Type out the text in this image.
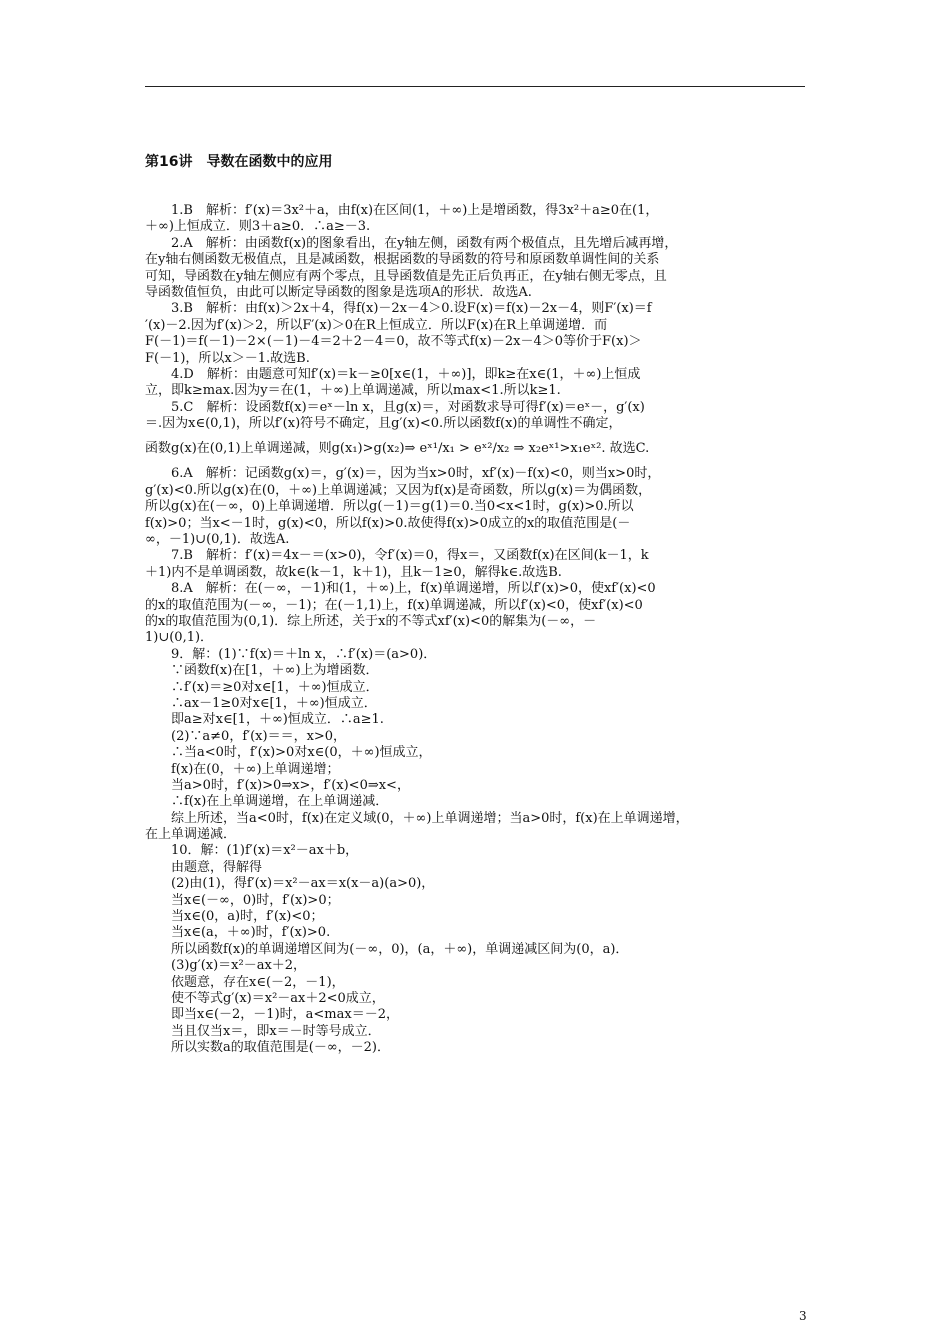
第16讲　导数在函数中的应用
　　1.B　解析：f′(x)＝3x²＋a，由f(x)在区间(1，＋∞)上是增函数，得3x²＋a≥0在(1，
＋∞)上恒成立．则3＋a≥0．∴a≥－3.
　　2.A　解析：由函数f(x)的图象看出，在y轴左侧，函数有两个极值点，且先增后减再增，
在y轴右侧函数无极值点，且是减函数，根据函数的导函数的符号和原函数单调性间的关系
可知，导函数在y轴左侧应有两个零点，且导函数值是先正后负再正，在y轴右侧无零点，且
导函数值恒负，由此可以断定导函数的图象是选项A的形状．故选A.
　　3.B　解析：由f(x)＞2x＋4，得f(x)－2x－4＞0.设F(x)＝f(x)－2x－4，则F′(x)＝f
′(x)－2.因为f′(x)＞2，所以F′(x)＞0在R上恒成立．所以F(x)在R上单调递增．而
F(－1)＝f(－1)－2×(－1)－4＝2＋2－4＝0，故不等式f(x)－2x－4＞0等价于F(x)＞
F(－1)，所以x＞－1.故选B.
　　4.D　解析：由题意可知f′(x)＝k－≥0[x∈(1，＋∞)]，即k≥在x∈(1，＋∞)上恒成
立，即k≥max.因为y＝在(1，＋∞)上单调递减，所以max<1.所以k≥1.
　　5.C　解析：设函数f(x)＝eˣ－ln x，且g(x)＝，对函数求导可得f′(x)＝eˣ－，g′(x)
＝.因为x∈(0,1)，所以f′(x)符号不确定，且g′(x)<0.所以函数f(x)的单调性不确定，
函数g(x)在(0,1)上单调递减，则g(x₁)>g(x₂)⇒ eˣ¹/x₁ > eˣ²/x₂ ⇒ x₂eˣ¹>x₁eˣ². 故选C.
　　6.A　解析：记函数g(x)＝，g′(x)＝，因为当x>0时，xf′(x)－f(x)<0，则当x>0时，
g′(x)<0.所以g(x)在(0，＋∞)上单调递减；又因为f(x)是奇函数，所以g(x)＝为偶函数，
所以g(x)在(－∞，0)上单调递增．所以g(－1)＝g(1)＝0.当0<x<1时，g(x)>0.所以
f(x)>0；当x<－1时，g(x)<0，所以f(x)>0.故使得f(x)>0成立的x的取值范围是(－
∞，－1)∪(0,1)．故选A.
　　7.B　解析：f′(x)＝4x－＝(x>0)，令f′(x)＝0，得x＝，又函数f(x)在区间(k－1，k
＋1)内不是单调函数，故k∈(k－1，k＋1)，且k－1≥0，解得k∈.故选B.
　　8.A　解析：在(－∞，－1)和(1，＋∞)上，f(x)单调递增，所以f′(x)>0，使xf′(x)<0
的x的取值范围为(－∞，－1)；在(－1,1)上，f(x)单调递减，所以f′(x)<0，使xf′(x)<0
的x的取值范围为(0,1)．综上所述，关于x的不等式xf′(x)<0的解集为(－∞，－
1)∪(0,1)．
　　9．解：(1)∵f(x)＝＋ln x，∴f′(x)＝(a>0)．
　　∵函数f(x)在[1，＋∞)上为增函数．
　　∴f′(x)＝≥0对x∈[1，＋∞)恒成立．
　　∴ax－1≥0对x∈[1，＋∞)恒成立．
　　即a≥对x∈[1，＋∞)恒成立．∴a≥1.
　　(2)∵a≠0，f′(x)＝＝，x>0，
　　∴当a<0时，f′(x)>0对x∈(0，＋∞)恒成立，
　　f(x)在(0，＋∞)上单调递增；
　　当a>0时，f′(x)>0⇒x>，f′(x)<0⇒x<，
　　∴f(x)在上单调递增，在上单调递减．
　　综上所述，当a<0时，f(x)在定义域(0，＋∞)上单调递增；当a>0时，f(x)在上单调递增，
在上单调递减．
　　10．解：(1)f′(x)＝x²－ax＋b，
　　由题意，得解得
　　(2)由(1)，得f′(x)＝x²－ax＝x(x－a)(a>0)，
　　当x∈(－∞，0)时，f′(x)>0；
　　当x∈(0，a)时，f′(x)<0；
　　当x∈(a，＋∞)时，f′(x)>0.
　　所以函数f(x)的单调递增区间为(－∞，0)，(a，＋∞)，单调递减区间为(0，a)．
　　(3)g′(x)＝x²－ax＋2，
　　依题意，存在x∈(－2，－1)，
　　使不等式g′(x)＝x²－ax＋2<0成立，
　　即当x∈(－2，－1)时，a<max＝－2，
　　当且仅当x＝，即x＝－时等号成立．
　　所以实数a的取值范围是(－∞，－2)．
3
